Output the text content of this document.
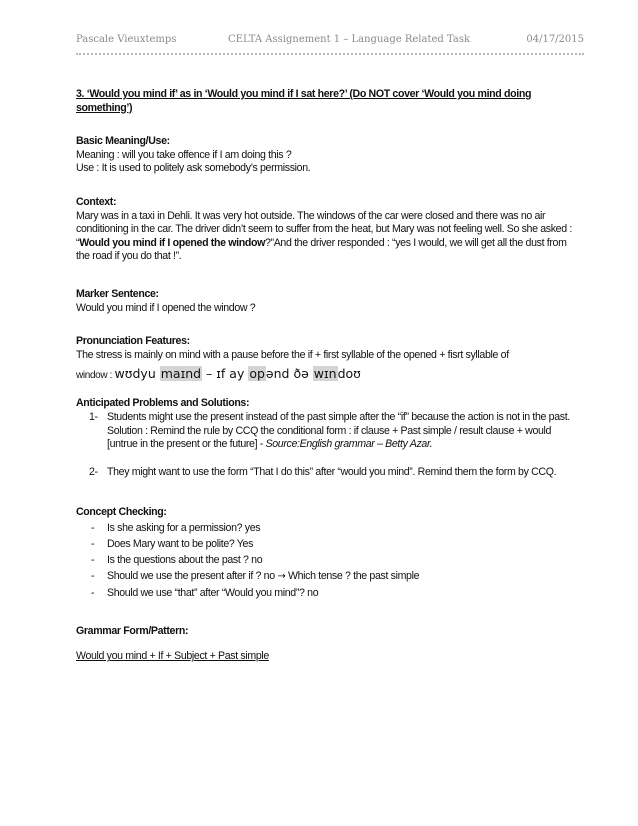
Pascale Vieuxtemps	CELTA Assignement 1 – Language Related Task	04/17/2015

3. ‘Would you mind if’ as in ‘Would you mind if I sat here?’ (Do NOT cover ‘Would you mind doing
something’)

Basic Meaning/Use:

Meaning : will you take offence if I am doing this ?

Use : It is used to politely ask somebody’s permission.

Context:

Mary was in a taxi in Dehli. It was very hot outside. The windows of the car were closed and there was no air conditioning in the car. The driver didn’t seem to suffer from the heat, but Mary was not feeling well. So she asked : “Would you mind if I opened the window?”And the driver responded : “yes I would, we will get all the dust from the road if you do that !”.

Marker Sentence:

Would you mind if I opened the window ?

Pronunciation Features:

The stress is mainly on mind with a pause before the if + first syllable of the opened + fisrt syllable of

window : wʊdyu maɪnd – ɪf ay opənd ðə wɪndoʊ

Anticipated Problems and Solutions:

1- Students might use the present instead of the past simple after the “if” because the action is not in the past. Solution : Remind the rule by CCQ the conditional form : if clause + Past simple / result clause + would [untrue in the present or the future] - Source:English grammar – Betty Azar.
2- They might want to use the form “That I do this” after “would you mind”. Remind them the form by CCQ.

Concept Checking:

- Is she asking for a permission? yes
- Does Mary want to be polite? Yes
- Is the questions about the past ? no
- Should we use the present after if ? no → Which tense ? the past simple
- Should we use “that” after “Would you mind”? no

Grammar Form/Pattern:

Would you mind + If + Subject + Past simple
